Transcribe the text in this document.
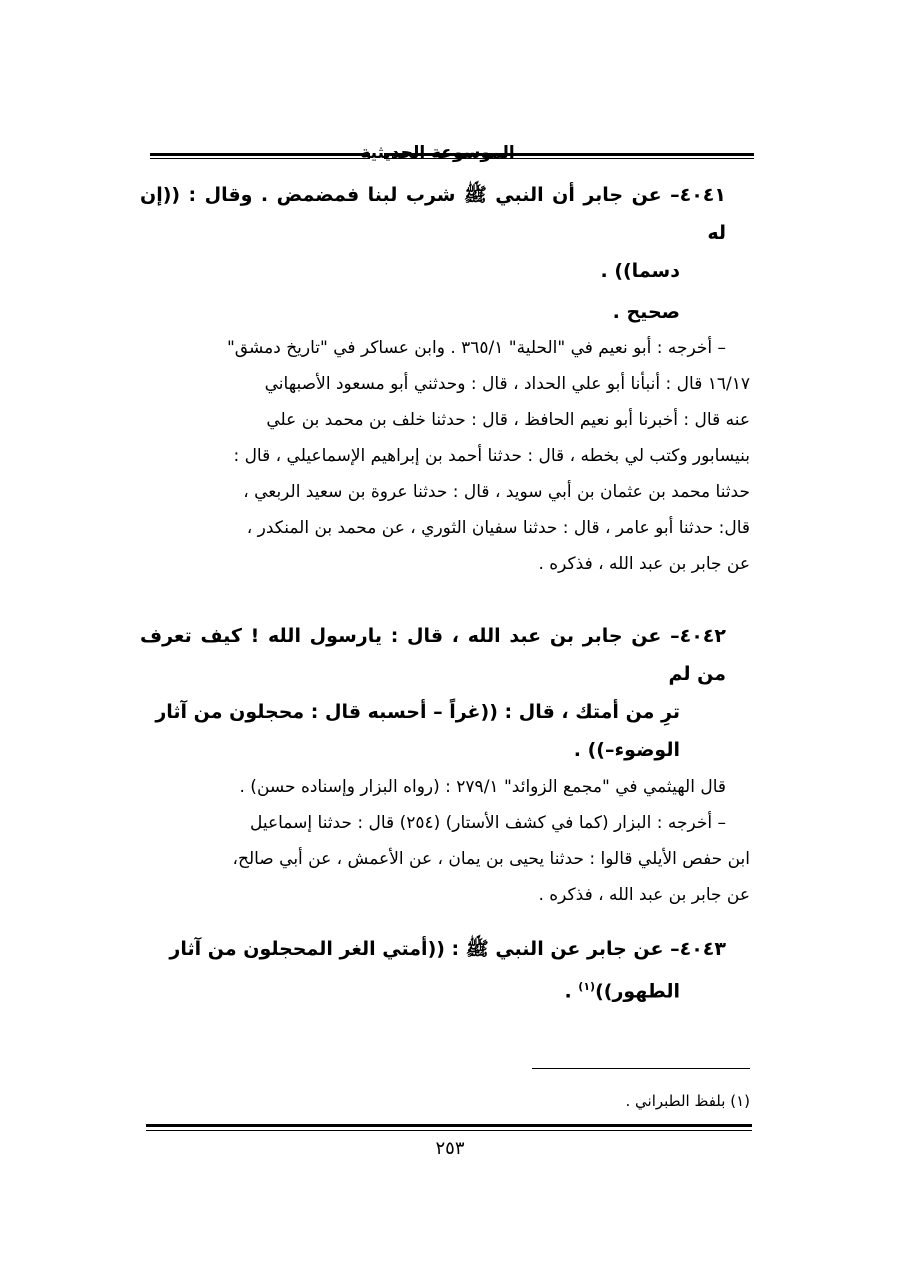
الموسوعة الحديثية
٤٠٤١– عن جابر أن النبي ﷺ شرب لبنا فمضمض . وقال : ((إن له
دسما)) .
صحيح .
– أخرجه : أبو نعيم في "الحلية" ٣٦٥/١ . وابن عساكر في "تاريخ دمشق"
١٦/١٧ قال : أنبأنا أبو علي الحداد ، قال : وحدثني أبو مسعود الأصبهاني
عنه قال : أخبرنا أبو نعيم الحافظ ، قال : حدثنا خلف بن محمد بن علي
بنيسابور وكتب لي بخطه ، قال : حدثنا أحمد بن إبراهيم الإسماعيلي ، قال :
حدثنا محمد بن عثمان بن أبي سويد ، قال : حدثنا عروة بن سعيد الربعي ،
قال: حدثنا أبو عامر ، قال : حدثنا سفيان الثوري ، عن محمد بن المنكدر ،
عن جابر بن عبد الله ، فذكره .
٤٠٤٢– عن جابر بن عبد الله ، قال : يارسول الله ! كيف تعرف من لم
ترِ من أمتك ، قال : ((غراً – أحسبه قال : محجلون من آثار
الوضوء–)) .
قال الهيثمي في "مجمع الزوائد" ٢٧٩/١ : (رواه البزار وإسناده حسن) .
– أخرجه : البزار (كما في كشف الأستار) (٢٥٤) قال : حدثنا إسماعيل
ابن حفص الأيلي قالوا : حدثنا يحيى بن يمان ، عن الأعمش ، عن أبي صالح،
عن جابر بن عبد الله ، فذكره .
٤٠٤٣– عن جابر عن النبي ﷺ : ((أمتي الغر المحجلون من آثار
الطهور))$^{(١)}$ .
(١) بلفظ الطبراني .
٢٥٣
